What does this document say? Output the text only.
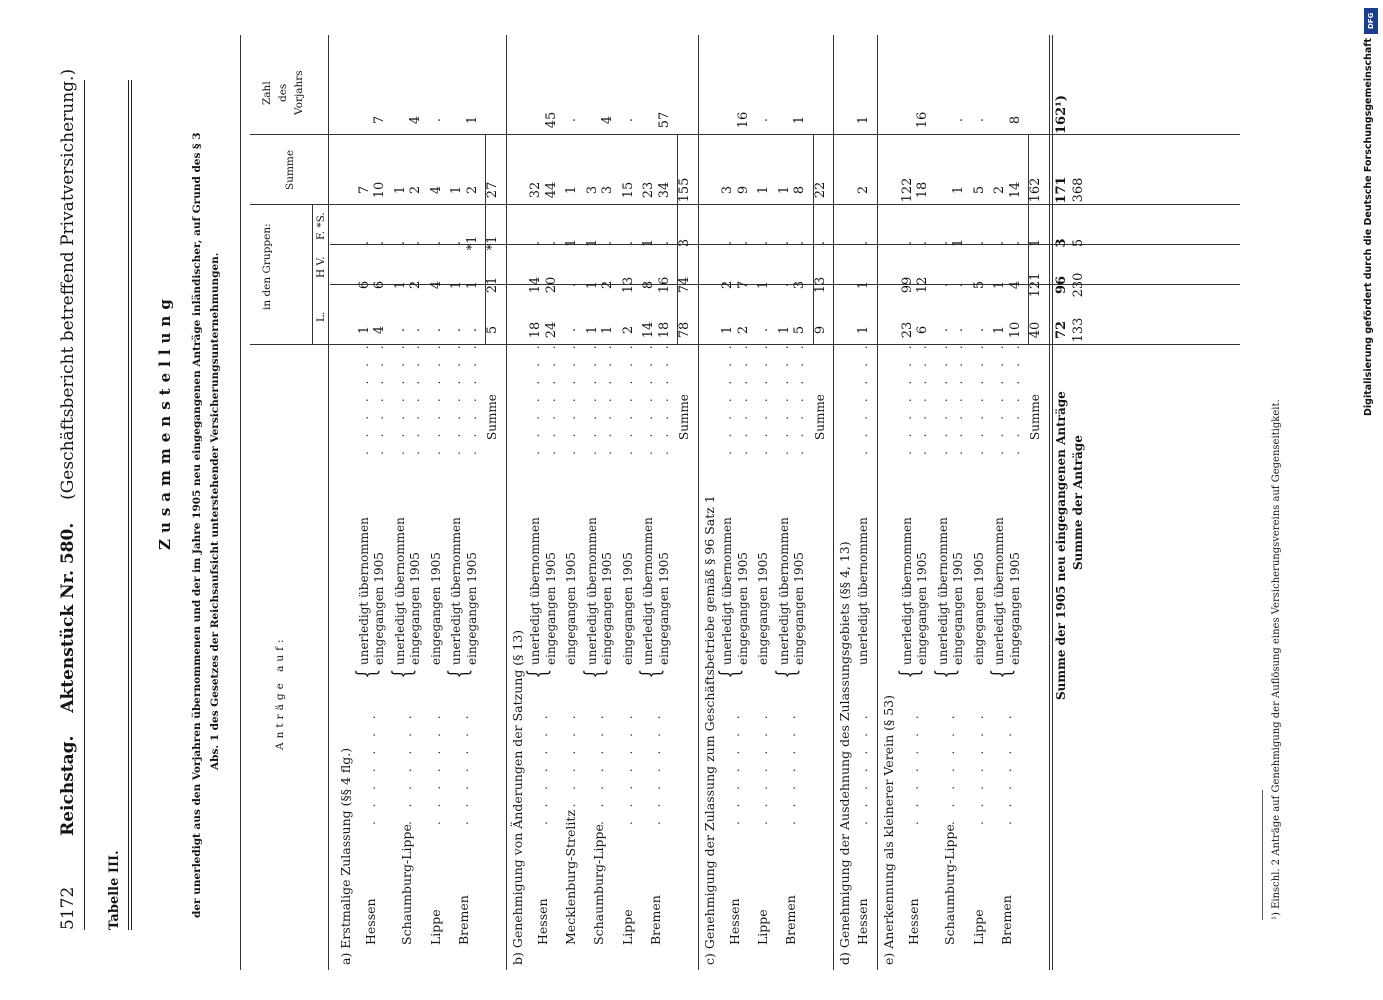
5172  Reichstag.  Aktenstück Nr. 580.  (Geschäftsbericht betreffend Privatversicherung.)
Tabelle III.
Zusammenstellung der unerledigt aus den Vorjahren übernommenen und der im Jahre 1905 neu eingegangenen Anträge inländischer, auf Grund des § 3 Abs. 1 des Gesetzes der Reichsaufsicht unterstehender Versicherungsunternehmungen.	Anträge auf:
in den Gruppen:
L.
H V.
F. *S.
Summe
Zahl des Vorjahrs
a) Erstmalige Zulassung (§§ 4 flg.) Hessen
. . . . . . .
{
unerledigt übernommen
. . . . . . .
1
6
.
7
eingegangen 1905
. . . . . . .
4
6
.
10
7
Schaumburg-Lippe
. . . . . . .
{
unerledigt übernommen
. . . . . . .
.
1
.
1
eingegangen 1905
. . . . . . .
.
2
.
2
4
Lippe
. . . . . . .
eingegangen 1905
. . . . . . .
.
4
.
4
.
Bremen
. . . . . . .
{
unerledigt übernommen
. . . . . . .
.
1
.
1
eingegangen 1905
. . . . . . .
.
1
*1
2
1
Summe
5
21
*1
27
b) Genehmigung von Änderungen der Satzung (§ 13) Hessen
. . . . . . .
{
unerledigt übernommen
. . . . . . .
18
14
.
32
eingegangen 1905
. . . . . . .
24
20
.
44
45
Mecklenburg-Strelitz
. . . . . . .
eingegangen 1905
. . . . . . .
.
.
1
1
.
Schaumburg-Lippe
. . . . . . .
{
unerledigt übernommen
. . . . . . .
1
1
1
3
eingegangen 1905
. . . . . . .
1
2
.
3
4
Lippe
. . . . . . .
eingegangen 1905
. . . . . . .
2
13
.
15
.
Bremen
. . . . . . .
{
unerledigt übernommen
. . . . . . .
14
8
1
23
eingegangen 1905
. . . . . . .
18
16
.
34
57
Summe
78
74
3
155
c) Genehmigung der Zulassung zum Geschäftsbetriebe gemäß § 96 Satz 1 Hessen
. . . . . . .
{
unerledigt übernommen
. . . . . . .
1
2
.
3
eingegangen 1905
. . . . . . .
2
7
.
9
16
Lippe
. . . . . . .
eingegangen 1905
. . . . . . .
.
1
.
1
.
Bremen
. . . . . . .
{
unerledigt übernommen
. . . . . . .
1
.
.
1
eingegangen 1905
. . . . . . .
5
3
.
8
1
Summe
9
13
.
22
d) Genehmigung der Ausdehnung des Zulassungsgebiets (§§ 4, 13) Hessen
. . . . . . .
unerledigt übernommen
. . . . . . .
1
1
.
2
1
e) Anerkennung als kleinerer Verein (§ 53) Hessen
. . . . . . .
{
unerledigt übernommen
. . . . . . .
23
99
.
122
eingegangen 1905
. . . . . . .
6
12
.
18
16
Schaumburg-Lippe
. . . . . . .
{
unerledigt übernommen
. . . . . . .
.
.
.
eingegangen 1905
. . . . . . .
.
.
1
1
.
Lippe
. . . . . . .
eingegangen 1905
. . . . . . .
.
5
.
5
.
Bremen
. . . . . . .
{
unerledigt übernommen
. . . . . . .
1
1
.
2
eingegangen 1905
. . . . . . .
10
4
.
14
8
Summe
40
121
1
162
Summe der 1905 neu eingegangenen Anträge
72
96
3
171
162¹)
Summe der Anträge
133
230
5
368
¹) Einschl. 2 Anträge auf Genehmigung der Auflösung eines Versicherungsvereins auf Gegenseitigkeit.
DFG
Digitalisierung gefördert durch die Deutsche Forschungsgemeinschaft
